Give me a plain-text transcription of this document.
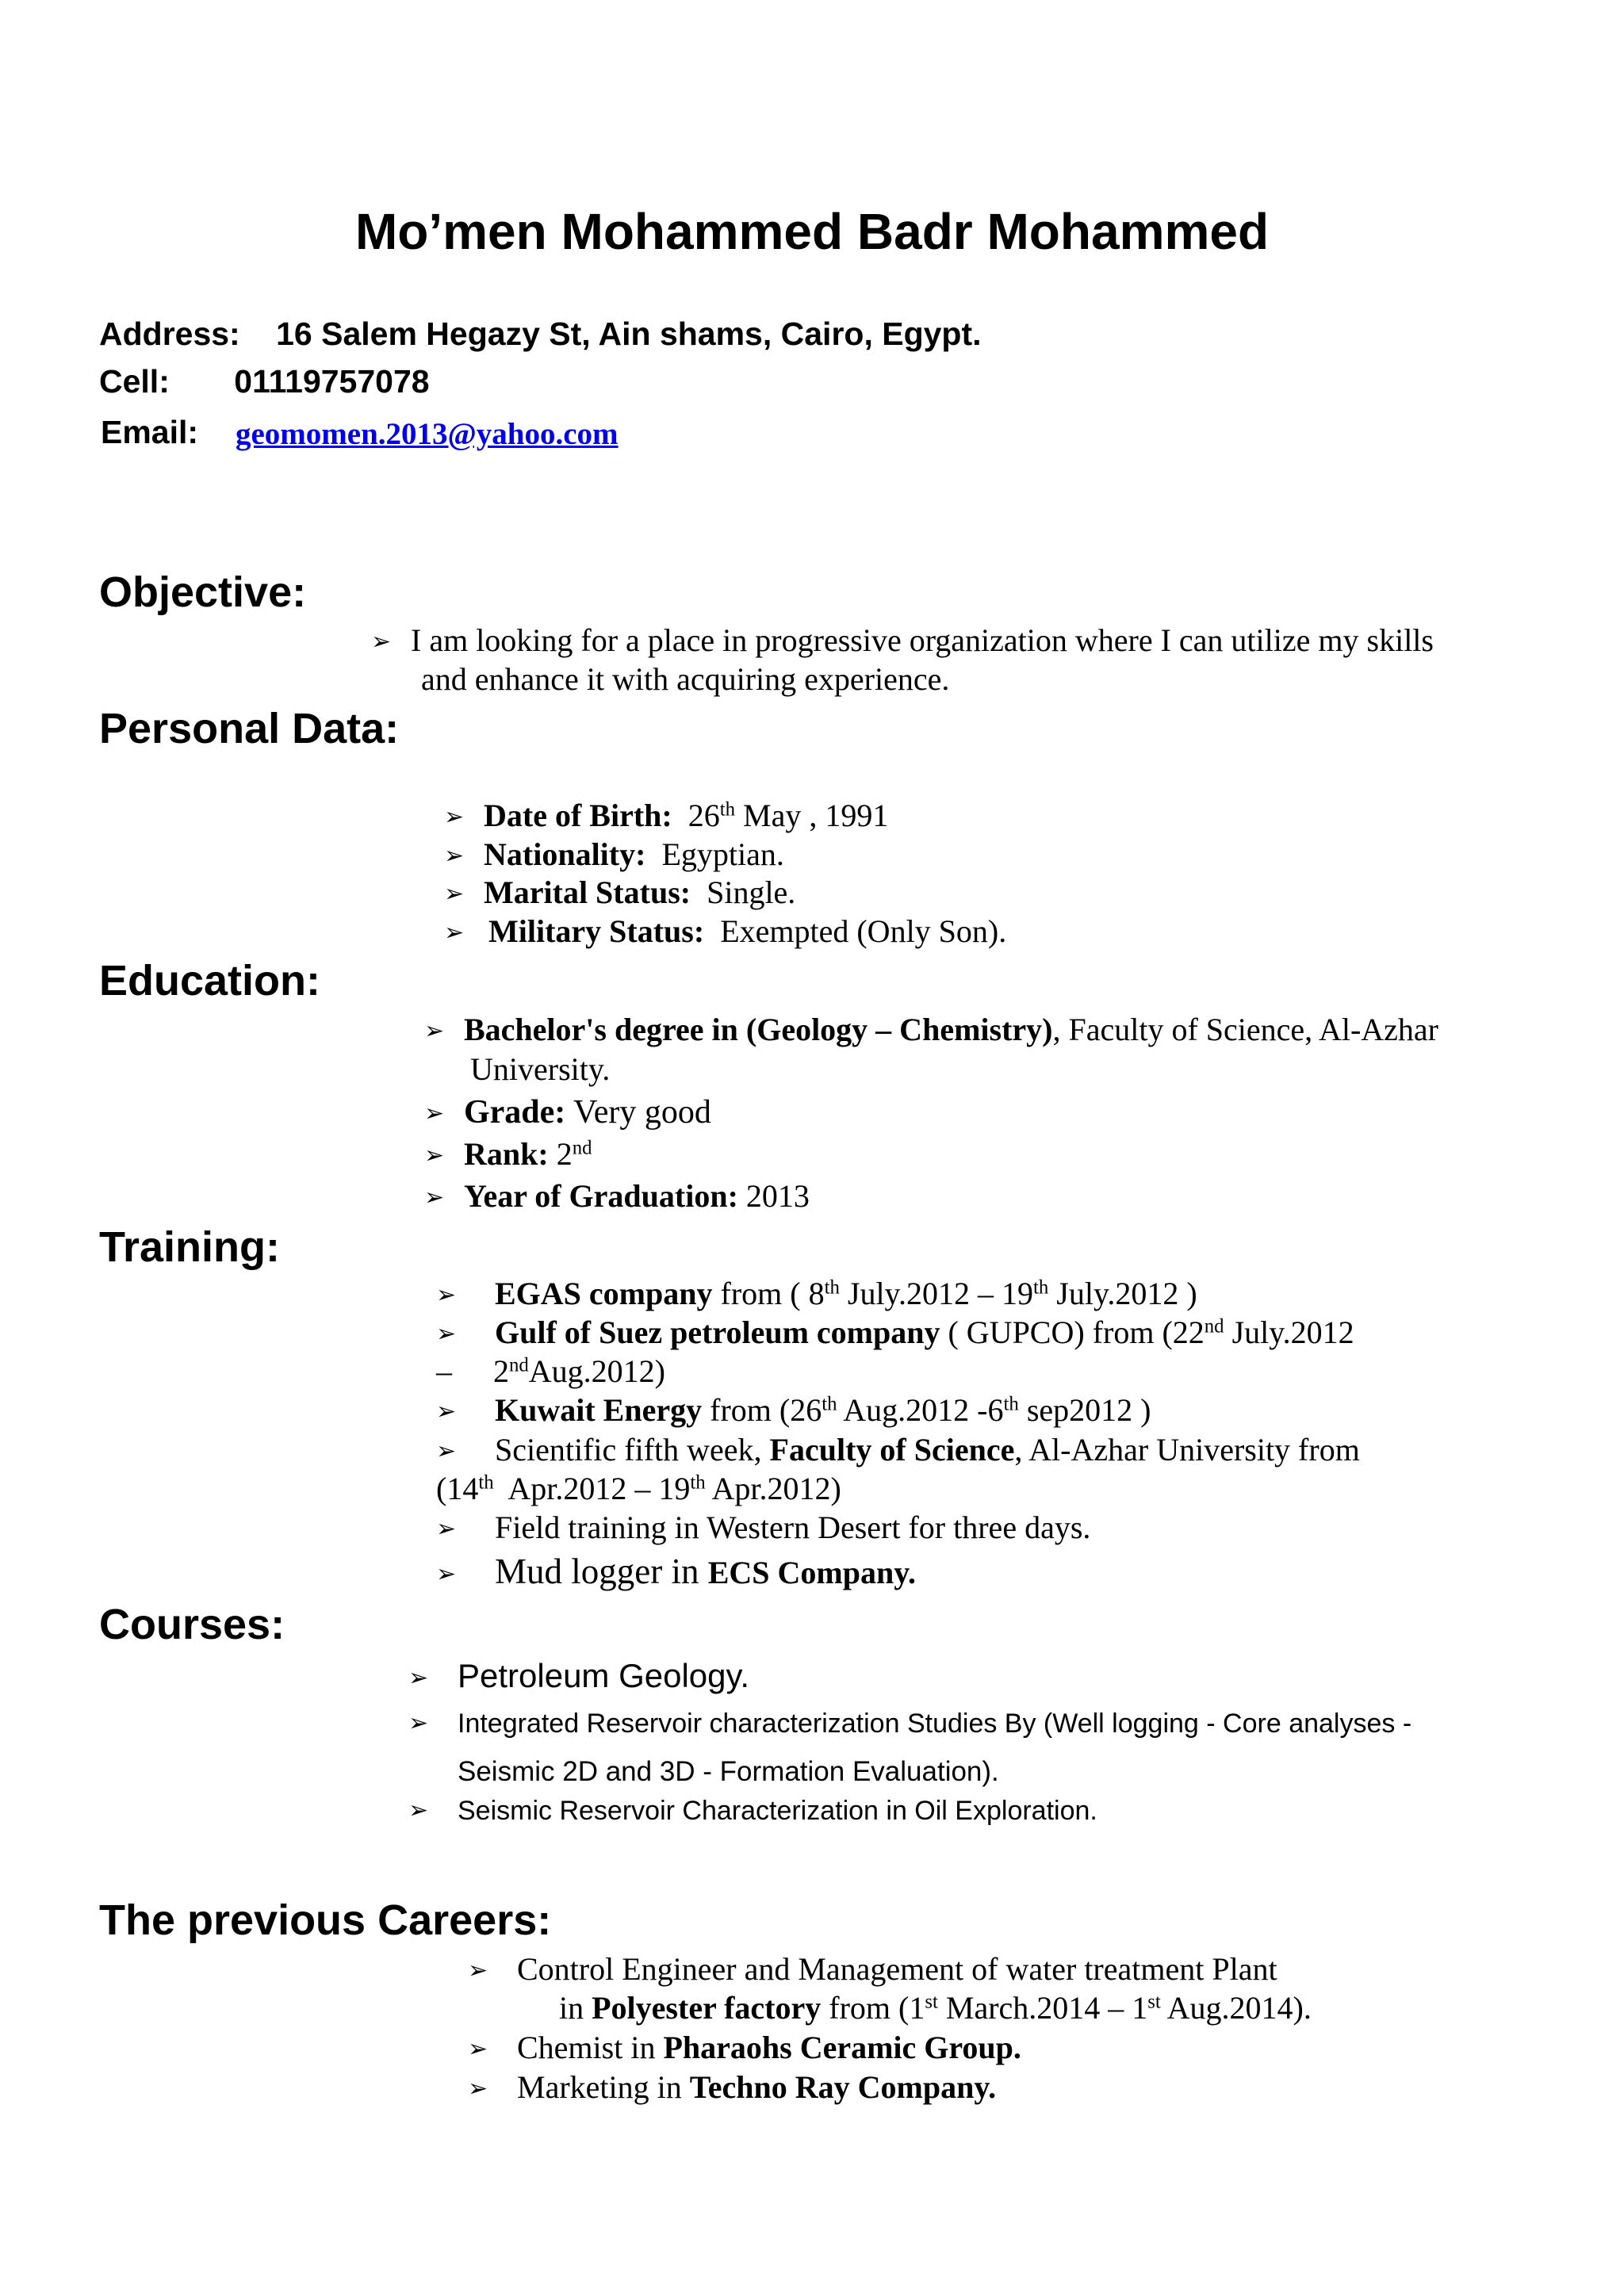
Mo’men Mohammed Badr Mohammed
Address: 16 Salem Hegazy St, Ain shams, Cairo, Egypt.
Cell: 01119757078
Email: geomomen.2013@yahoo.com
Objective:
➢ I am looking for a place in progressive organization where I can utilize my skills
and enhance it with acquiring experience.
Personal Data:
➢ Date of Birth: 26th May , 1991
➢ Nationality: Egyptian.
➢ Marital Status: Single.
➢ Military Status: Exempted (Only Son).
Education:
➢ Bachelor's degree in (Geology – Chemistry), Faculty of Science, Al-Azhar
University.
➢ Grade: Very good
➢ Rank: 2nd
➢ Year of Graduation: 2013
Training:
➢ EGAS company from ( 8th July.2012 – 19th July.2012 )
➢ Gulf of Suez petroleum company ( GUPCO) from (22nd July.2012
– 2ndAug.2012)
➢ Kuwait Energy from (26th Aug.2012 -6th sep2012 )
➢ Scientific fifth week, Faculty of Science, Al-Azhar University from
(14th Apr.2012 – 19th Apr.2012)
➢ Field training in Western Desert for three days.
➢ Mud logger in ECS Company.
Courses:
➢ Petroleum Geology.
➢ Integrated Reservoir characterization Studies By (Well logging - Core analyses -
Seismic 2D and 3D - Formation Evaluation).
➢ Seismic Reservoir Characterization in Oil Exploration.
The previous Careers:
➢ Control Engineer and Management of water treatment Plant
in Polyester factory from (1st March.2014 – 1st Aug.2014).
➢ Chemist in Pharaohs Ceramic Group.
➢ Marketing in Techno Ray Company.
